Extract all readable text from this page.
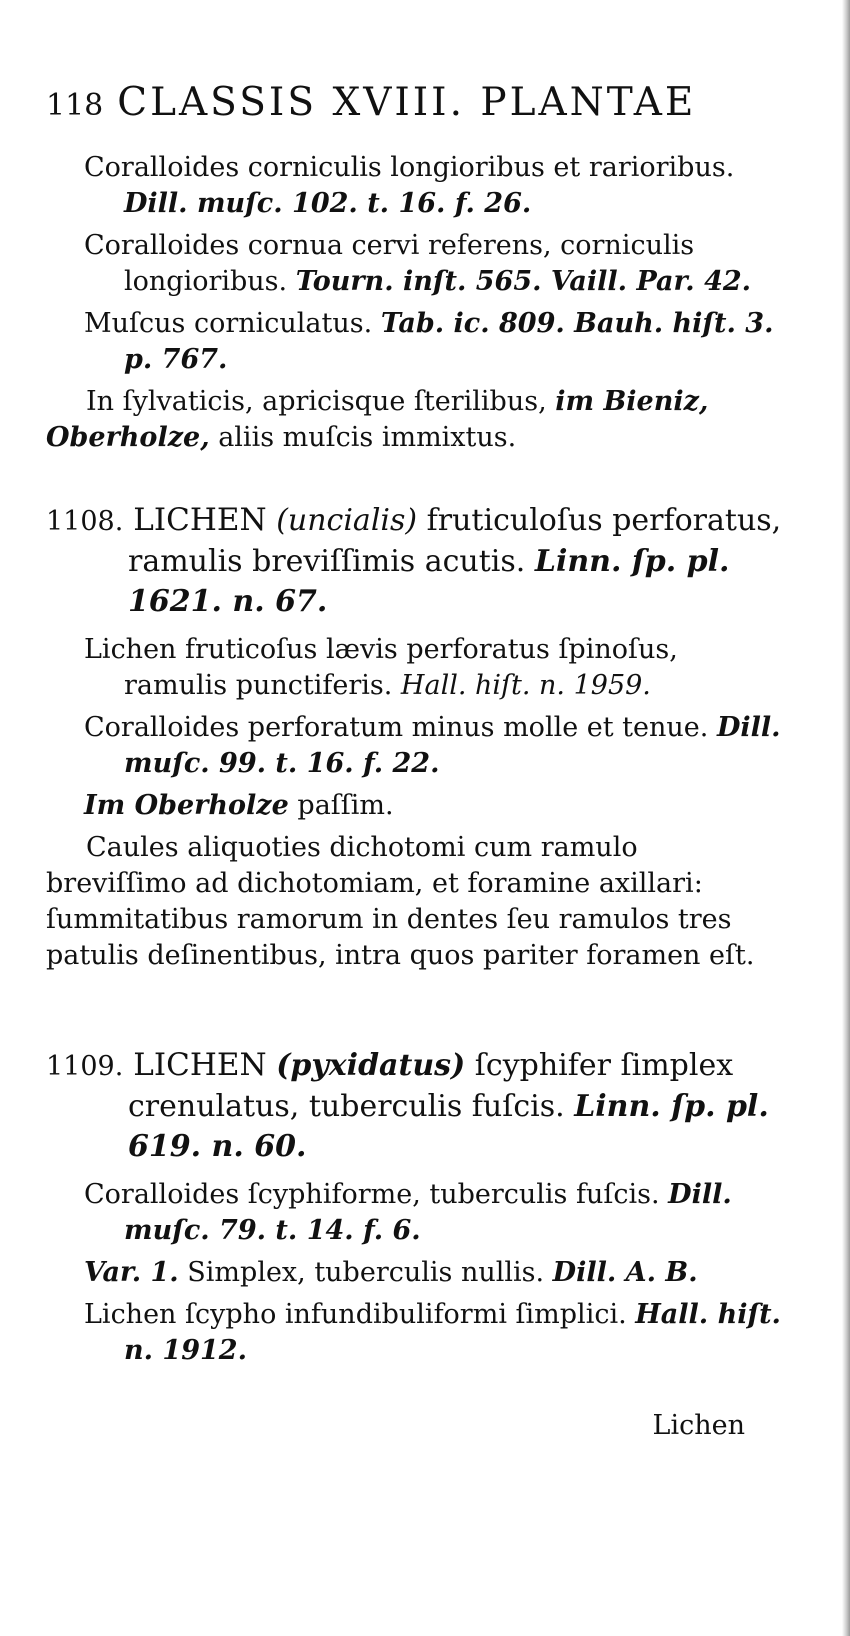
118 CLASSIS XVIII. PLANTAE

Coralloides corniculis longioribus et rarioribus. Dill. muſc. 102. t. 16. f. 26.

Coralloides cornua cervi referens, corniculis longioribus. Tourn. inſt. 565. Vaill. Par. 42.

Muſcus corniculatus. Tab. ic. 809. Bauh. hiſt. 3. p. 767.

In ſylvaticis, apricisque ſterilibus, im Bieniz, Oberholze, aliis muſcis immixtus.

1108. LICHEN (uncialis) fruticuloſus perforatus, ramulis breviſſimis acutis. Linn. ſp. pl. 1621. n. 67.

Lichen fruticoſus lævis perforatus ſpinoſus, ramulis punctiferis. Hall. hiſt. n. 1959.

Coralloides perforatum minus molle et tenue. Dill. muſc. 99. t. 16. f. 22.

Im Oberholze paſſim.

Caules aliquoties dichotomi cum ramulo breviſſimo ad dichotomiam, et foramine axillari: ſummitatibus ramorum in dentes ſeu ramulos tres patulis deſinentibus, intra quos pariter foramen eſt.

1109. LICHEN (pyxidatus) ſcyphifer ſimplex crenulatus, tuberculis fuſcis. Linn. ſp. pl. 619. n. 60.

Coralloides ſcyphiforme, tuberculis fuſcis. Dill. muſc. 79. t. 14. f. 6.

Var. 1. Simplex, tuberculis nullis. Dill. A. B.

Lichen ſcypho infundibuliformi ſimplici. Hall. hiſt. n. 1912.

Lichen
